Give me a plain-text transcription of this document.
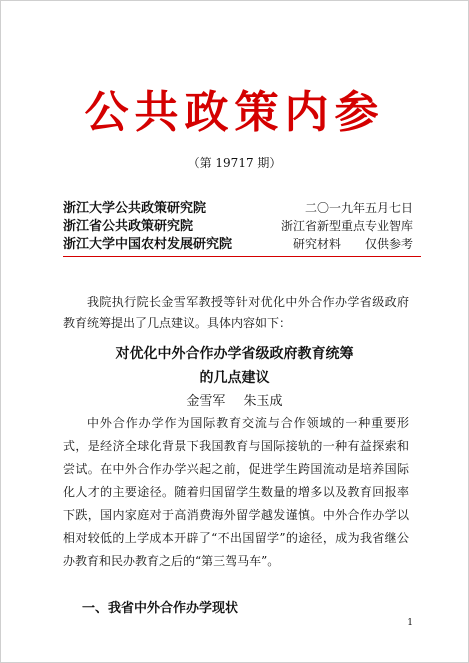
公共政策内参
（第 19717 期）
浙江大学公共政策研究院	二〇一九年五月七日
浙江省公共政策研究院	浙江省新型重点专业智库
浙江大学中国农村发展研究院	研究材料　　仅供参考

我院执行院长金雪军教授等针对优化中外合作办学省级政府教育统筹提出了几点建议。具体内容如下：

对优化中外合作办学省级政府教育统筹
的几点建议
金雪军 朱玉成

中外合作办学作为国际教育交流与合作领域的一种重要形式，是经济全球化背景下我国教育与国际接轨的一种有益探索和尝试。在中外合作办学兴起之前，促进学生跨国流动是培养国际化人才的主要途径。随着归国留学生数量的增多以及教育回报率下跌，国内家庭对于高消费海外留学越发谨慎。中外合作办学以相对较低的上学成本开辟了“不出国留学”的途径，成为我省继公办教育和民办教育之后的“第三驾马车”。

一、我省中外合作办学现状
1
